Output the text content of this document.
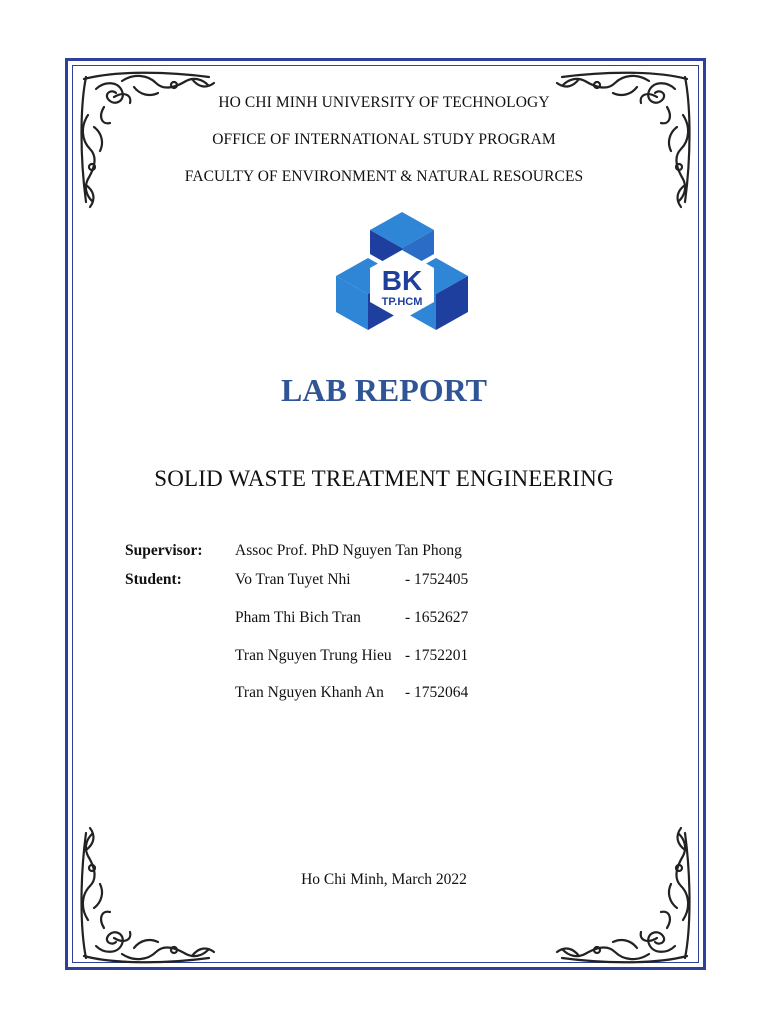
HO CHI MINH UNIVERSITY OF TECHNOLOGY
OFFICE OF INTERNATIONAL STUDY PROGRAM
FACULTY OF ENVIRONMENT & NATURAL RESOURCES
BK
TP.HCM
LAB REPORT
SOLID WASTE TREATMENT ENGINEERING
Supervisor: Assoc Prof. PhD Nguyen Tan Phong
Student:	Vo Tran Tuyet Nhi	- 1752405
Pham Thi Bich Tran	- 1652627
Tran Nguyen Trung Hieu - 1752201
Tran Nguyen Khanh An - 1752064
Ho Chi Minh, March 2022
